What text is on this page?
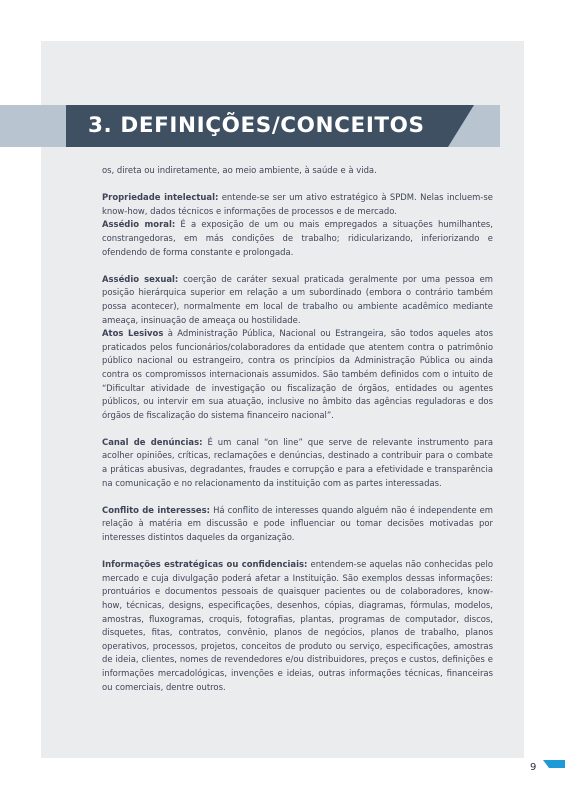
3. DEFINIÇÕES/CONCEITOS

os, direta ou indiretamente, ao meio ambiente, à saúde e à vida.

Propriedade intelectual: entende-se ser um ativo estratégico à SPDM. Nelas incluem-se know-how, dados técnicos e informações de processos e de mercado.

Assédio moral: É a exposição de um ou mais empregados a situações humilhantes, constrangedoras, em más condições de trabalho; ridicularizando, inferiorizando e ofendendo de forma constante e prolongada.

Assédio sexual: coerção de caráter sexual praticada geralmente por uma pessoa em posição hierárquica superior em relação a um subordinado (embora o contrário também possa acontecer), normalmente em local de trabalho ou ambiente acadêmico mediante ameaça, insinuação de ameaça ou hostilidade.

Atos Lesivos à Administração Pública, Nacional ou Estrangeira, são todos aqueles atos praticados pelos funcionários/colaboradores da entidade que atentem contra o patrimônio público nacional ou estrangeiro, contra os princípios da Administração Pública ou ainda contra os compromissos internacionais assumidos. São também definidos com o intuito de “Dificultar atividade de investigação ou fiscalização de órgãos, entidades ou agentes públicos, ou intervir em sua atuação, inclusive no âmbito das agências reguladoras e dos órgãos de fiscalização do sistema financeiro nacional”.

Canal de denúncias: É um canal “on line” que serve de relevante instrumento para acolher opiniões, críticas, reclamações e denúncias, destinado a contribuir para o combate a práticas abusivas, degradantes, fraudes e corrupção e para a efetividade e transparência na comunicação e no relacionamento da instituição com as partes interessadas.

Conflito de interesses: Há conflito de interesses quando alguém não é independente em relação à matéria em discussão e pode influenciar ou tomar decisões motivadas por interesses distintos daqueles da organização.

Informações estratégicas ou confidenciais: entendem-se aquelas não conhecidas pelo mercado e cuja divulgação poderá afetar a Instituição. São exemplos dessas informações: prontuários e documentos pessoais de quaisquer pacientes ou de colaboradores, know-how, técnicas, designs, especificações, desenhos, cópias, diagramas, fórmulas, modelos, amostras, fluxogramas, croquis, fotografias, plantas, programas de computador, discos, disquetes, fitas, contratos, convênio, planos de negócios, planos de trabalho, planos operativos, processos, projetos, conceitos de produto ou serviço, especificações, amostras de ideia, clientes, nomes de revendedores e/ou distribuidores, preços e custos, definições e informações mercadológicas, invenções e ideias, outras informações técnicas, financeiras ou comerciais, dentre outros.

9
